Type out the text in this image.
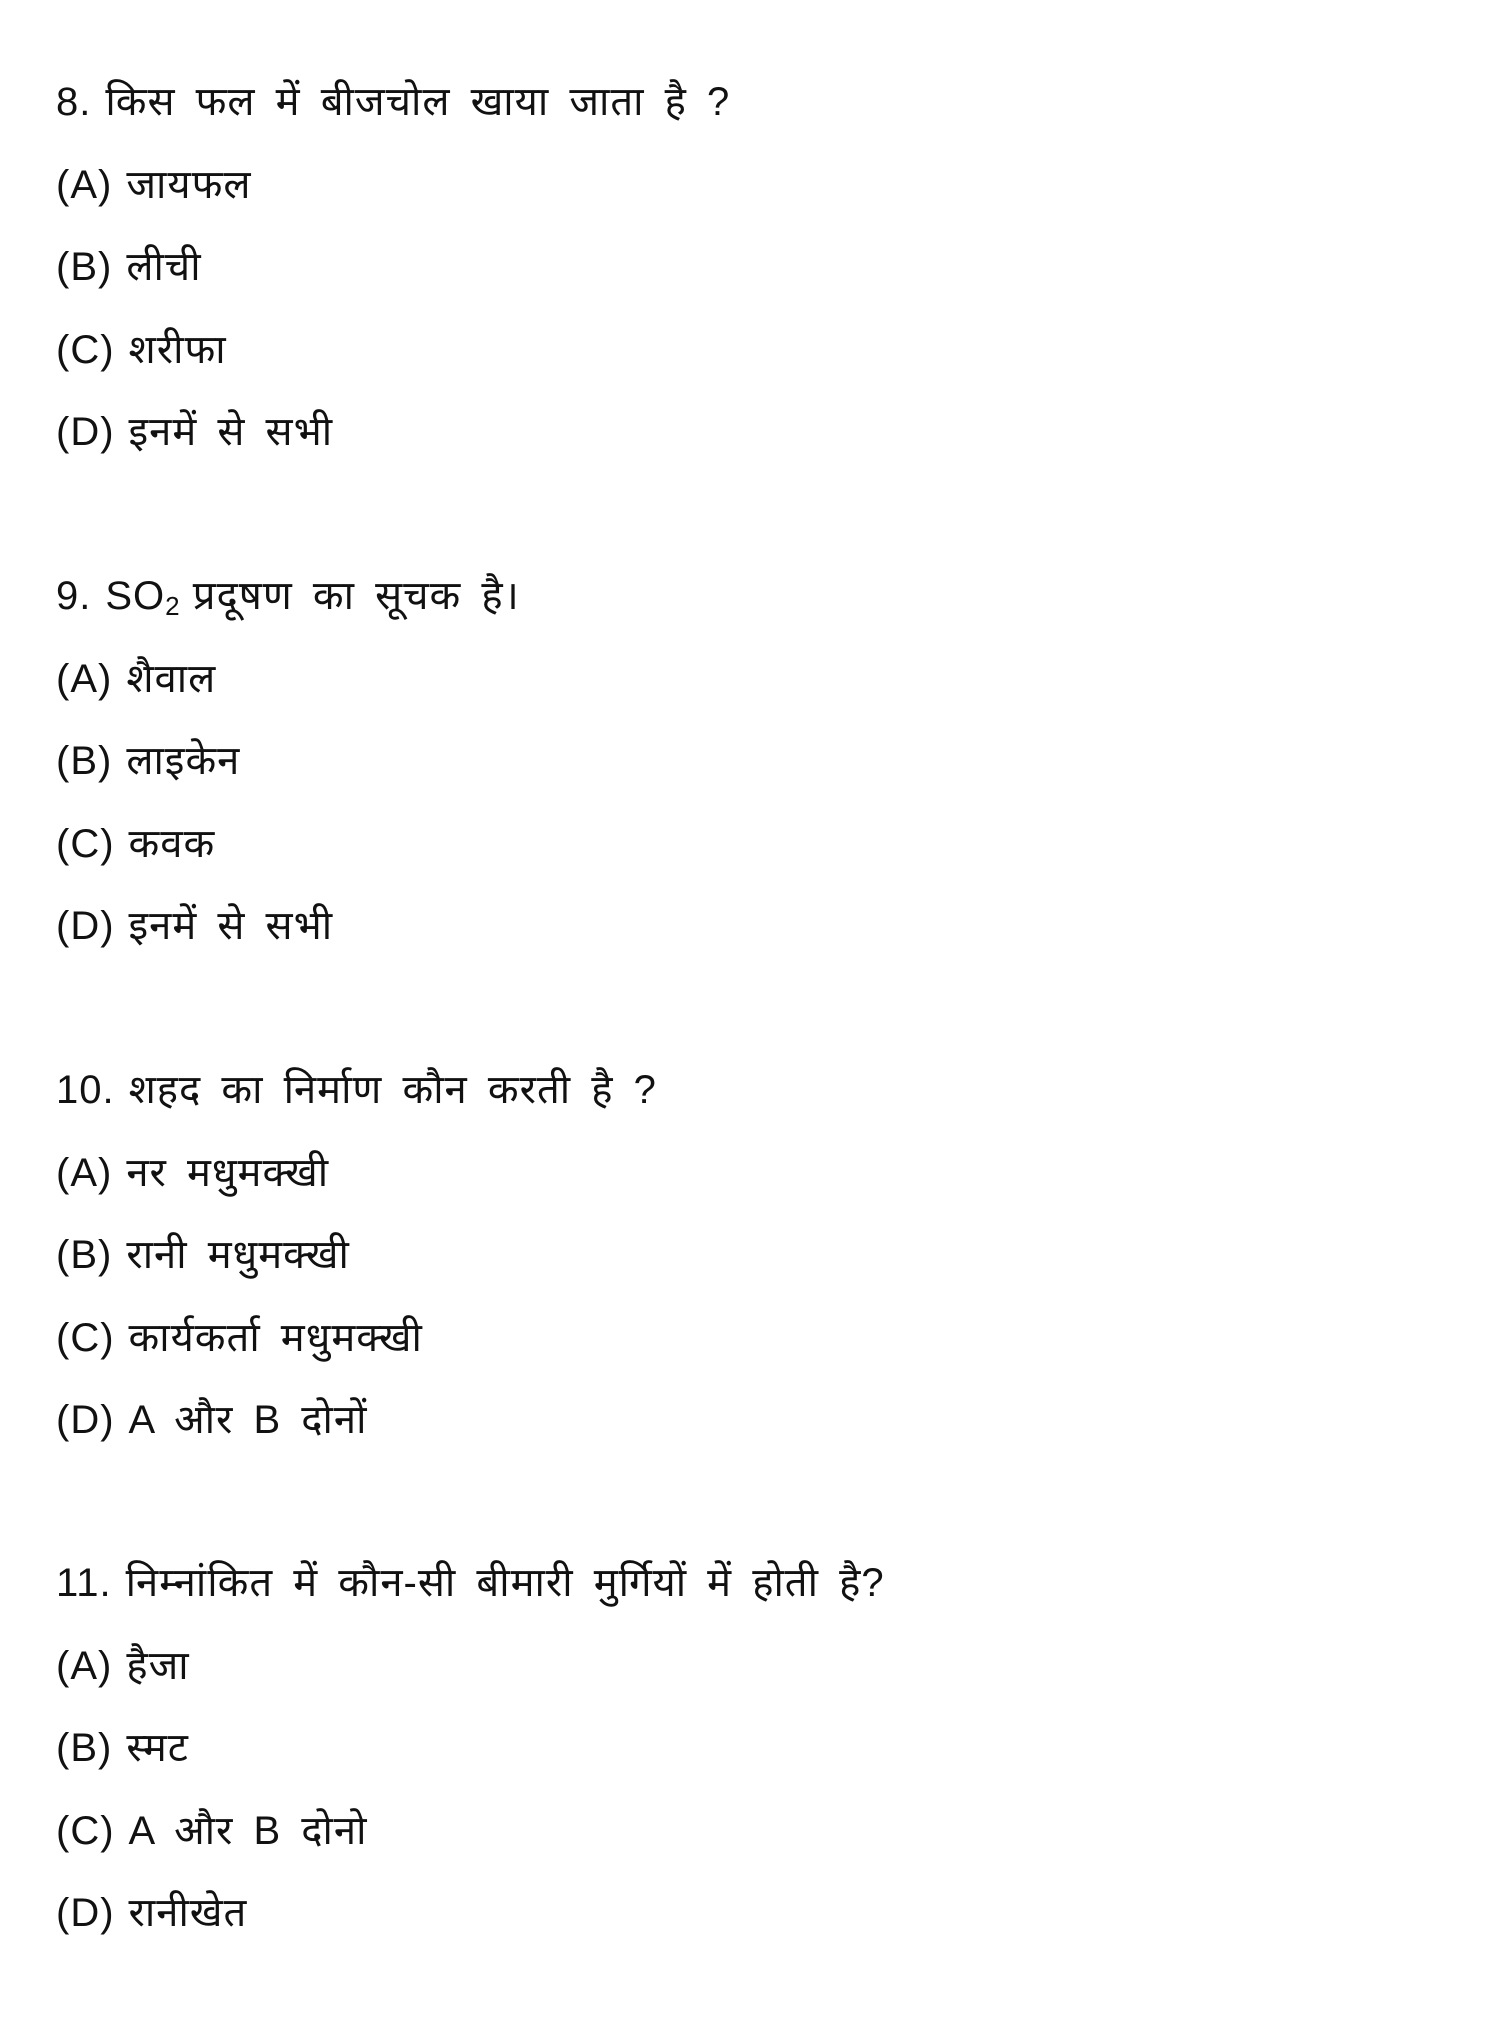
8. किस फल में बीजचोल खाया जाता है ?
(A) जायफल
(B) लीची
(C) शरीफा
(D) इनमें से सभी
9. $SO_2$ प्रदूषण का सूचक है।
(A) शैवाल
(B) लाइकेन
(C) कवक
(D) इनमें से सभी
10. शहद का निर्माण कौन करती है ?
(A) नर मधुमक्खी
(B) रानी मधुमक्खी
(C) कार्यकर्ता मधुमक्खी
(D) A और B दोनों
11. निम्नांकित में कौन-सी बीमारी मुर्गियों में होती है?
(A) हैजा
(B) स्मट
(C) A और B दोनो
(D) रानीखेत
